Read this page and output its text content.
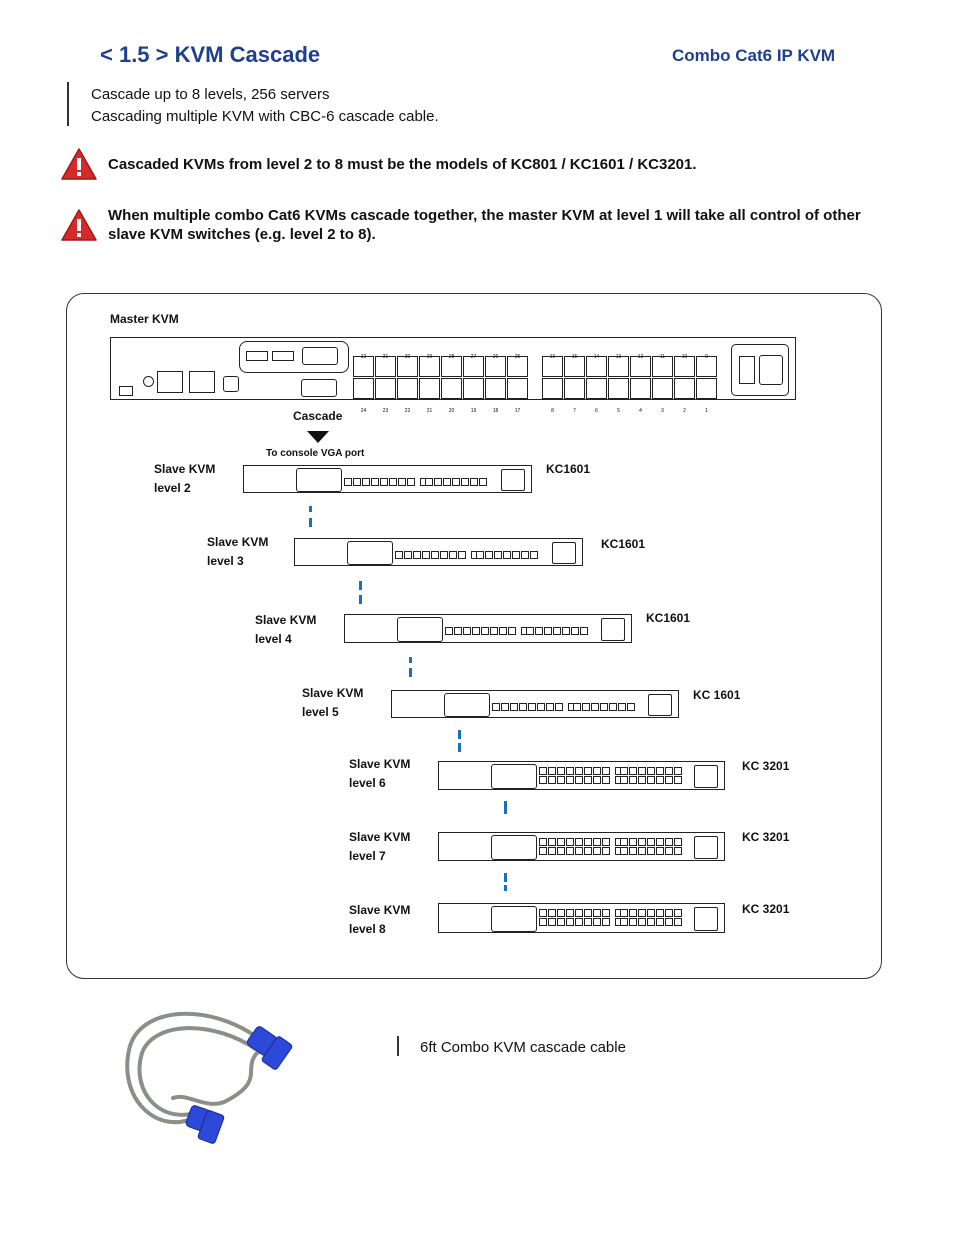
< 1.5 > KVM Cascade	Combo Cat6 IP KVM
Cascade up to 8 levels, 256 servers
Cascading multiple KVM with CBC-6 cascade cable.
Cascaded KVMs from level 2 to 8 must be the models of KC801 / KC1601 / KC3201.
When multiple combo Cat6 KVMs cascade together, the master KVM at level 1 will take all control of other slave KVM switches (e.g. level 2 to 8).
Master KVM
32	31	30	29	28	27	26	25
24	23	22	21	20	19	18	17
16	15	14	13	12	11	10	9
8	7	6	5	4	3	2	1
Cascade
To console VGA port
Slave KVM
level 2
KC1601
Slave KVM
level 3
KC1601
Slave KVM
level 4
KC1601
Slave KVM
level 5
KC 1601
Slave KVM
level 6
KC 3201
Slave KVM
level 7
KC 3201
Slave KVM
level 8
KC 3201
6ft Combo KVM cascade cable
